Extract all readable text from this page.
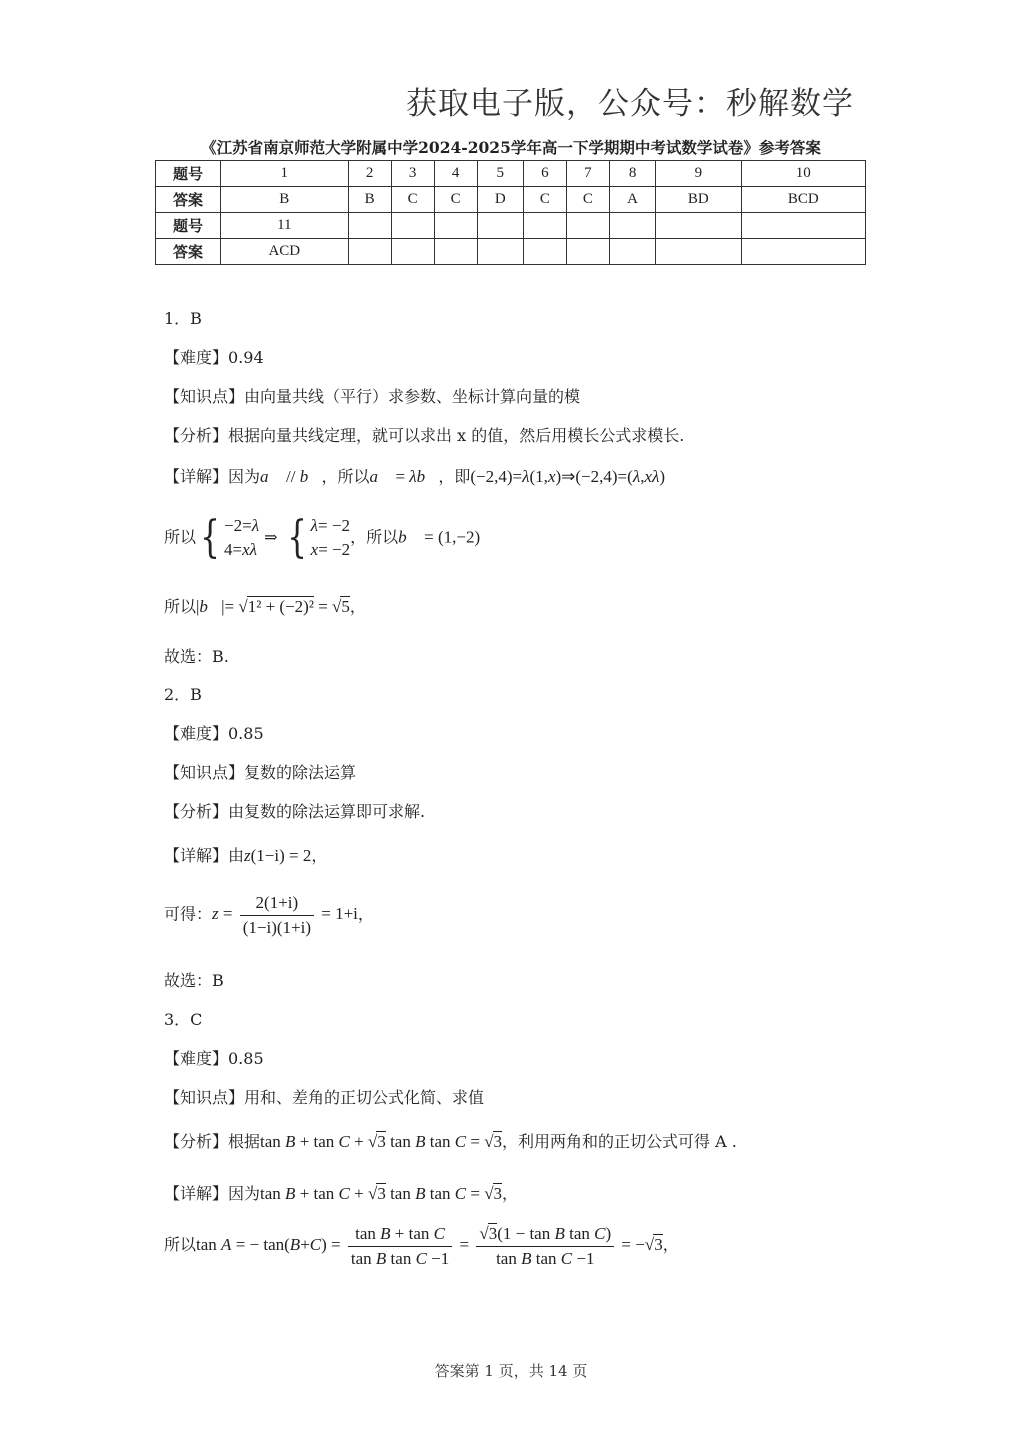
获取电子版，公众号：秒解数学
《江苏省南京师范大学附属中学2024-2025学年高一下学期期中考试数学试卷》参考答案
题号	1	2	3	4	5	6	7	8	9	10
答案	B	B	C	C	D	C	C	A	BD	BCD
题号	11									
答案	ACD									
1．B
【难度】0.94
【知识点】由向量共线（平行）求参数、坐标计算向量的模
【分析】根据向量共线定理，就可以求出 x 的值，然后用模长公式求模长.
【详解】因为a⃗ // b⃗，所以a⃗ = λb⃗，即(−2,4)=λ(1,x)⇒(−2,4)=(λ,xλ)
所以{ −2=λ
4=xλ ⇒ { λ= −2
x= −2，所以b⃗ = (1,−2)
所以|b⃗|= √1² + (−2)² = √5，
故选：B.
2．B
【难度】0.85
【知识点】复数的除法运算
【分析】由复数的除法运算即可求解.
【详解】由z(1−i) = 2，
可得：$z = \frac{2(1+i)}{(1-i)(1+i)} = 1+i$，
故选：B
3．C
【难度】0.85
【知识点】用和、差角的正切公式化简、求值
【分析】根据tan B + tan C + √3 tan B tan C = √3，利用两角和的正切公式可得 A .
【详解】因为tan B + tan C + √3 tan B tan C = √3，
所以tan A = − $\tan(B+C) = \frac{\text{tan B + tan C}}{\text{tan B tan C −1}} = \frac{\text{√3(1 − tan B tan C)}}{\text{tan B tan C −1}} = -√3$，
答案第 1 页，共 14 页
